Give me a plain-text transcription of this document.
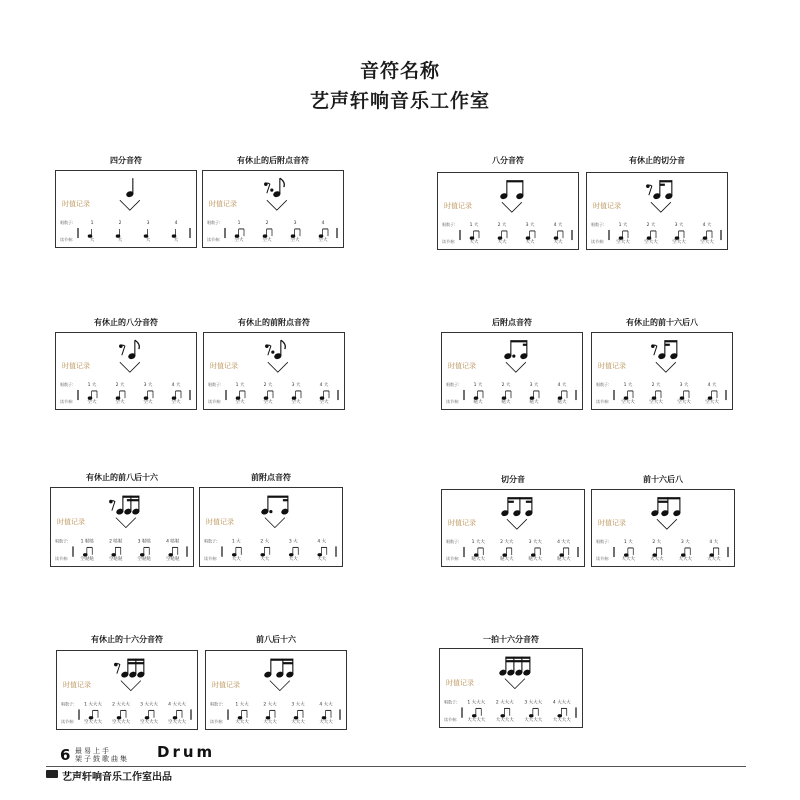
音符名称
艺声轩响音乐工作室
四分音符
时值记录
唱数子:
读节奏:
1
大
2
大
3
大
4
大
有休止的后附点音符
时值记录
唱数子:
读节奏:
1
空大
2
空大
3
空大
4
空大
八分音符
时值记录
唱数子:
读节奏:
1 大
大大
2 大
大大
3 大
大大
4 大
大大
有休止的切分音
时值记录
唱数子:
读节奏:
1 大
空大大
2 大
空大大
3 大
空大大
4 大
空大大
有休止的八分音符
时值记录
唱数子:
读节奏:
1 大
空大
2 大
空大
3 大
空大
4 大
空大
有休止的前附点音符
时值记录
唱数子:
读节奏:
1 大
空大
2 大
空大
3 大
空大
4 大
空大
后附点音符
时值记录
唱数子:
读节奏:
1 大
哒大
2 大
哒大
3 大
哒大
4 大
哒大
有休止的前十六后八
时值记录
唱数子:
读节奏:
1 大
空大大
2 大
空大大
3 大
空大大
4 大
空大大
有休止的前八后十六
时值记录
唱数子:
读节奏:
1 哒哒
空哒哒
2 哒哒
空哒哒
3 哒哒
空哒哒
4 哒哒
空哒哒
前附点音符
时值记录
唱数子:
读节奏:
1 大
大大
2 大
大大
3 大
大大
4 大
大大
切分音
时值记录
唱数子:
读节奏:
1 大大
哒大大
2 大大
哒大大
3 大大
哒大大
4 大大
哒大大
前十六后八
时值记录
唱数子:
读节奏:
1 大
大大大
2 大
大大大
3 大
大大大
4 大
大大大
有休止的十六分音符
时值记录
唱数子:
读节奏:
1 大大大
空大大大
2 大大大
空大大大
3 大大大
空大大大
4 大大大
空大大大
前八后十六
时值记录
唱数子:
读节奏:
1 大大
大大大
2 大大
大大大
3 大大
大大大
4 大大
大大大
一拍十六分音符
时值记录
唱数子:
读节奏:
1 大大大
大大大大
2 大大大
大大大大
3 大大大
大大大大
4 大大大
大大大大
6 最易上手
架子鼓歌曲集 Drum
艺声轩响音乐工作室出品
